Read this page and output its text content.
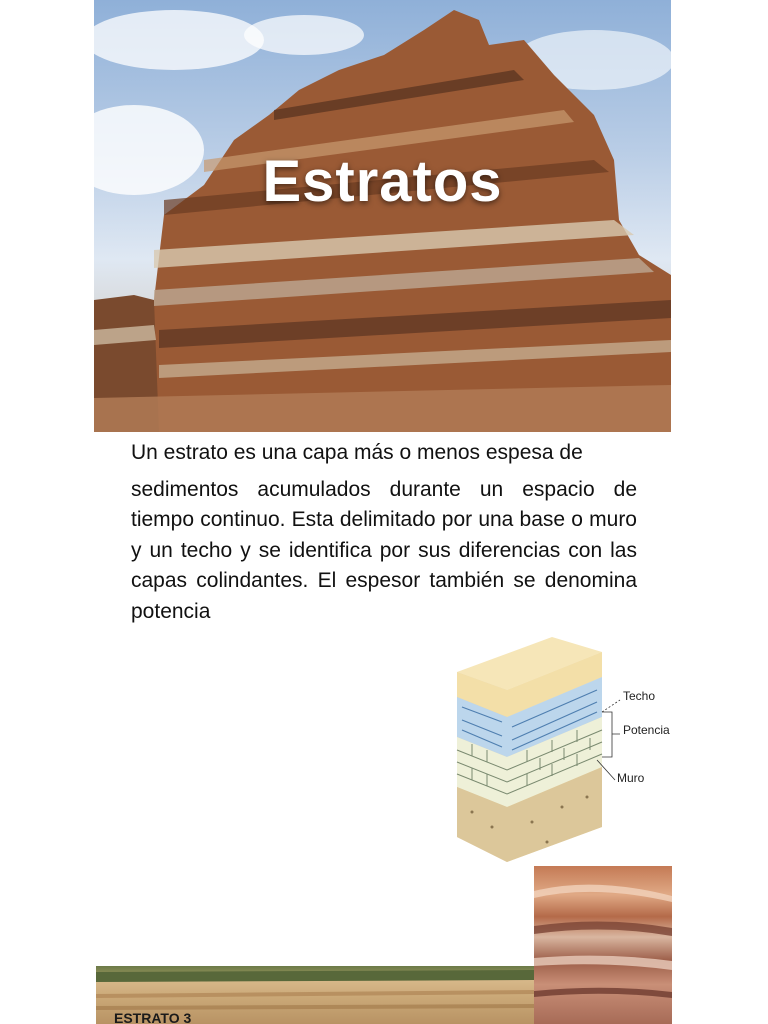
Estratos

Un estrato es una capa más o menos espesa de
sedimentos acumulados durante un espacio de tiempo continuo. Esta delimitado por una base o muro y un techo y se identifica por sus diferencias con las capas colindantes. El espesor también se denomina potencia

Techo
Potencia
Muro
ESTRATO 3
